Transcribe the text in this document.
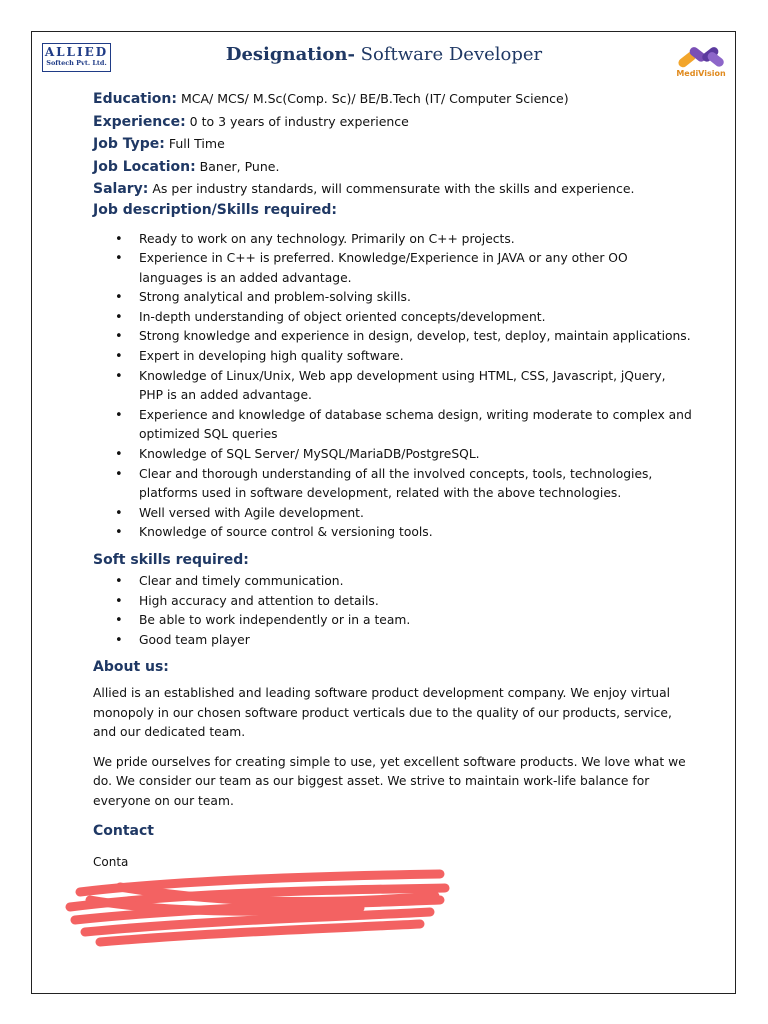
ALLIED
Softech Pvt. Ltd.	Designation- Software Developer
MediVision
Education: MCA/ MCS/ M.Sc(Comp. Sc)/ BE/B.Tech (IT/ Computer Science)
Experience: 0 to 3 years of industry experience
Job Type: Full Time
Job Location: Baner, Pune.
Salary: As per industry standards, will commensurate with the skills and experience.
Job description/Skills required:
• Ready to work on any technology. Primarily on C++ projects.
• Experience in C++ is preferred. Knowledge/Experience in JAVA or any other OO languages is an added advantage.
• Strong analytical and problem-solving skills.
• In-depth understanding of object oriented concepts/development.
• Strong knowledge and experience in design, develop, test, deploy, maintain applications.
• Expert in developing high quality software.
• Knowledge of Linux/Unix, Web app development using HTML, CSS, Javascript, jQuery, PHP is an added advantage.
• Experience and knowledge of database schema design, writing moderate to complex and optimized SQL queries
• Knowledge of SQL Server/ MySQL/MariaDB/PostgreSQL.
• Clear and thorough understanding of all the involved concepts, tools, technologies, platforms used in software development, related with the above technologies.
• Well versed with Agile development.
• Knowledge of source control & versioning tools.
Soft skills required:
• Clear and timely communication.
• High accuracy and attention to details.
• Be able to work independently or in a team.
• Good team player
About us:

Allied is an established and leading software product development company. We enjoy virtual monopoly in our chosen software product verticals due to the quality of our products, service, and our dedicated team.

We pride ourselves for creating simple to use, yet excellent software products. We love what we do. We consider our team as our biggest asset. We strive to maintain work-life balance for everyone on our team.

Contact
Conta
